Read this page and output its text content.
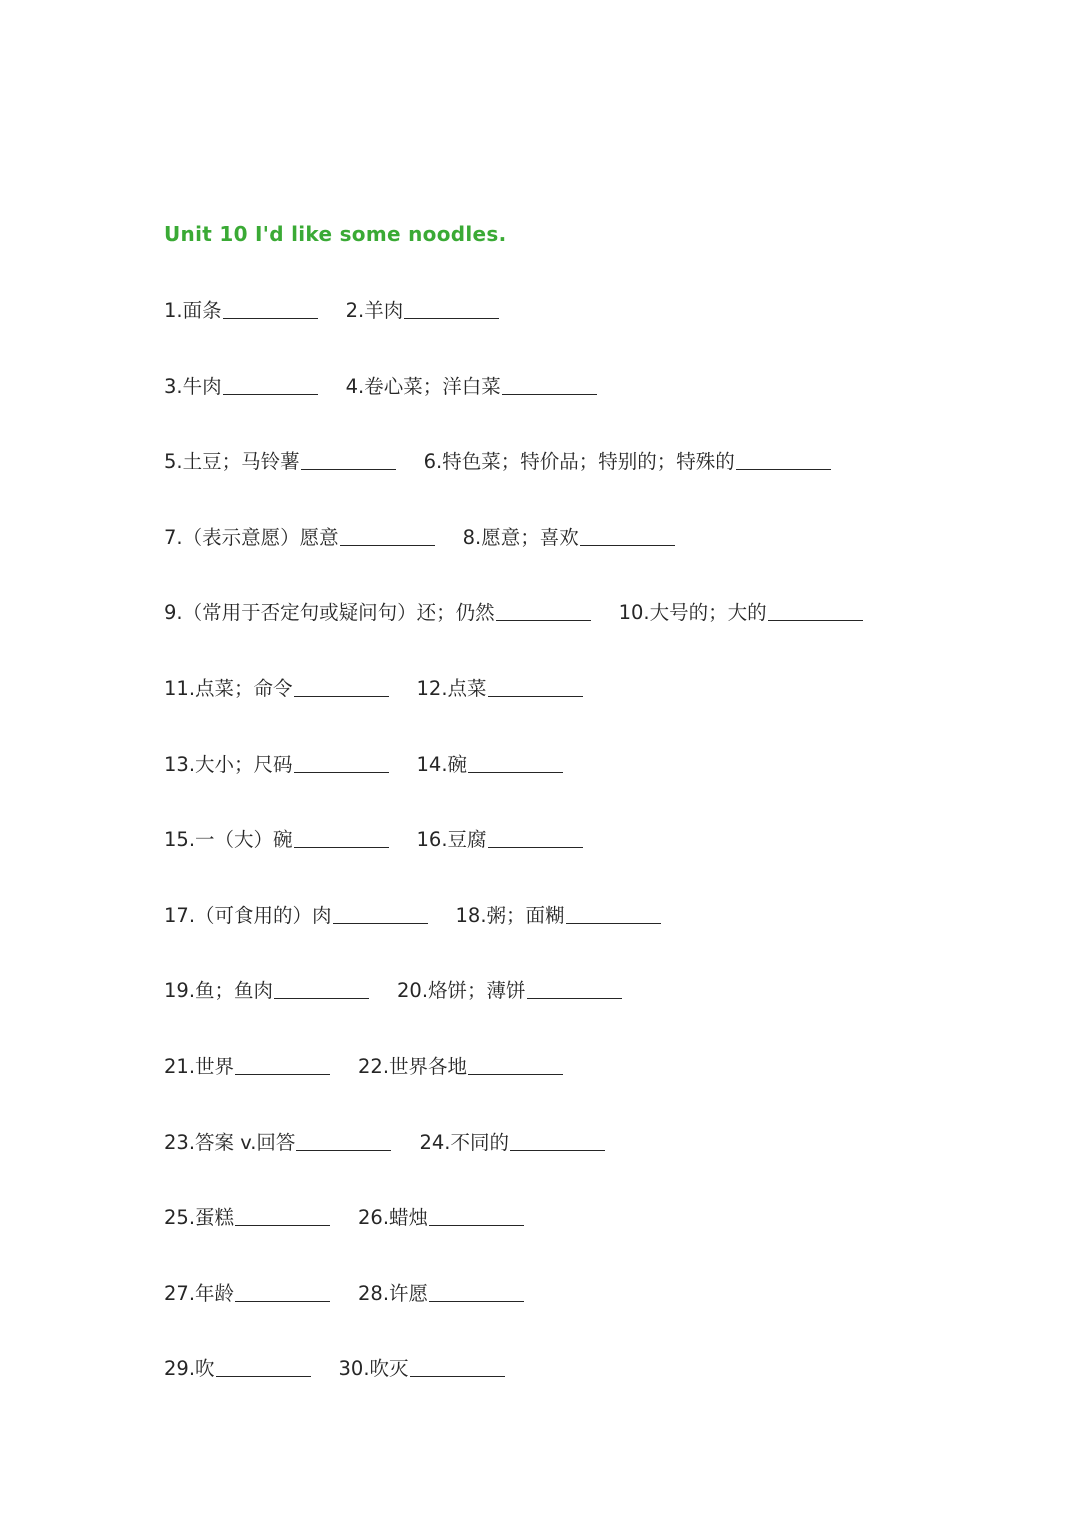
Unit 10 I'd like some noodles.
1.面条	2.羊肉
3.牛肉	4.卷心菜；洋白菜
5.土豆；马铃薯	6.特色菜；特价品；特别的；特殊的
7.（表示意愿）愿意	8.愿意；喜欢
9.（常用于否定句或疑问句）还；仍然	10.大号的；大的
11.点菜；命令	12.点菜
13.大小；尺码	14.碗
15.一（大）碗	16.豆腐
17.（可食用的）肉	18.粥；面糊
19.鱼；鱼肉	20.烙饼；薄饼
21.世界	22.世界各地
23.答案 v.回答	24.不同的
25.蛋糕	26.蜡烛
27.年龄	28.许愿
29.吹	30.吹灭
